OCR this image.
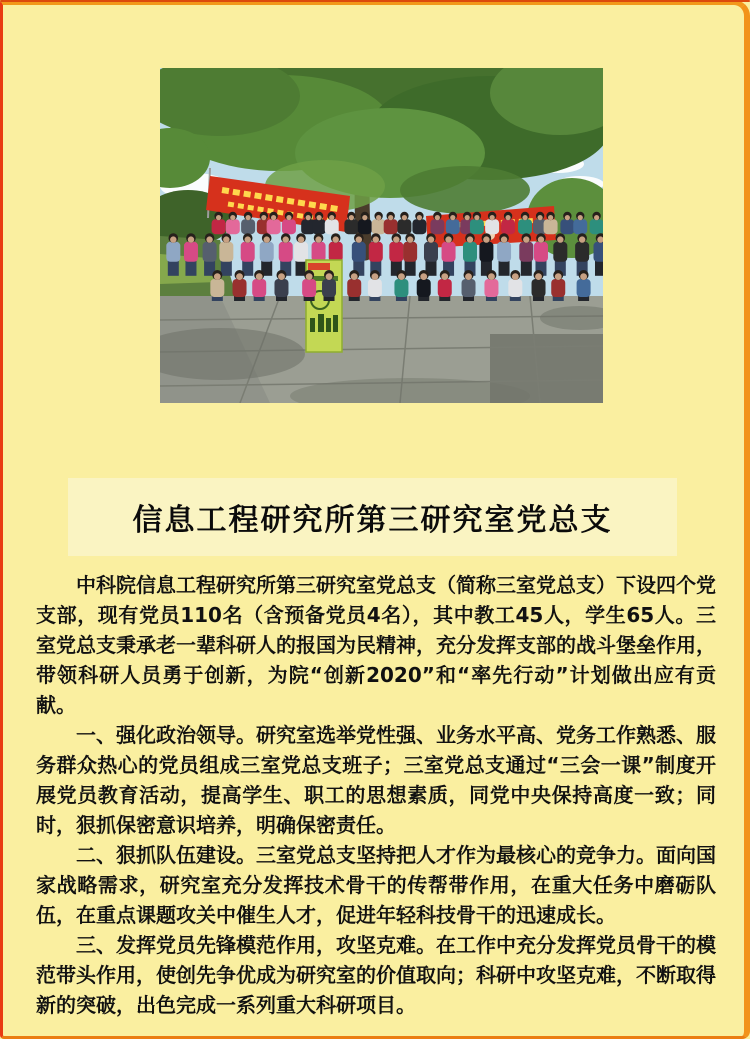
信息工程研究所第三研究室党总支

中科院信息工程研究所第三研究室党总支（简称三室党总支）下设四个党支部，现有党员110名（含预备党员4名），其中教工45人，学生65人。三室党总支秉承老一辈科研人的报国为民精神，充分发挥支部的战斗堡垒作用，带领科研人员勇于创新，为院“创新2020”和“率先行动”计划做出应有贡献。

一、强化政治领导。研究室选举党性强、业务水平高、党务工作熟悉、服务群众热心的党员组成三室党总支班子；三室党总支通过“三会一课”制度开展党员教育活动，提高学生、职工的思想素质，同党中央保持高度一致；同时，狠抓保密意识培养，明确保密责任。

二、狠抓队伍建设。三室党总支坚持把人才作为最核心的竞争力。面向国家战略需求，研究室充分发挥技术骨干的传帮带作用，在重大任务中磨砺队伍，在重点课题攻关中催生人才，促进年轻科技骨干的迅速成长。

三、发挥党员先锋模范作用，攻坚克难。在工作中充分发挥党员骨干的模范带头作用，使创先争优成为研究室的价值取向；科研中攻坚克难，不断取得新的突破，出色完成一系列重大科研项目。
